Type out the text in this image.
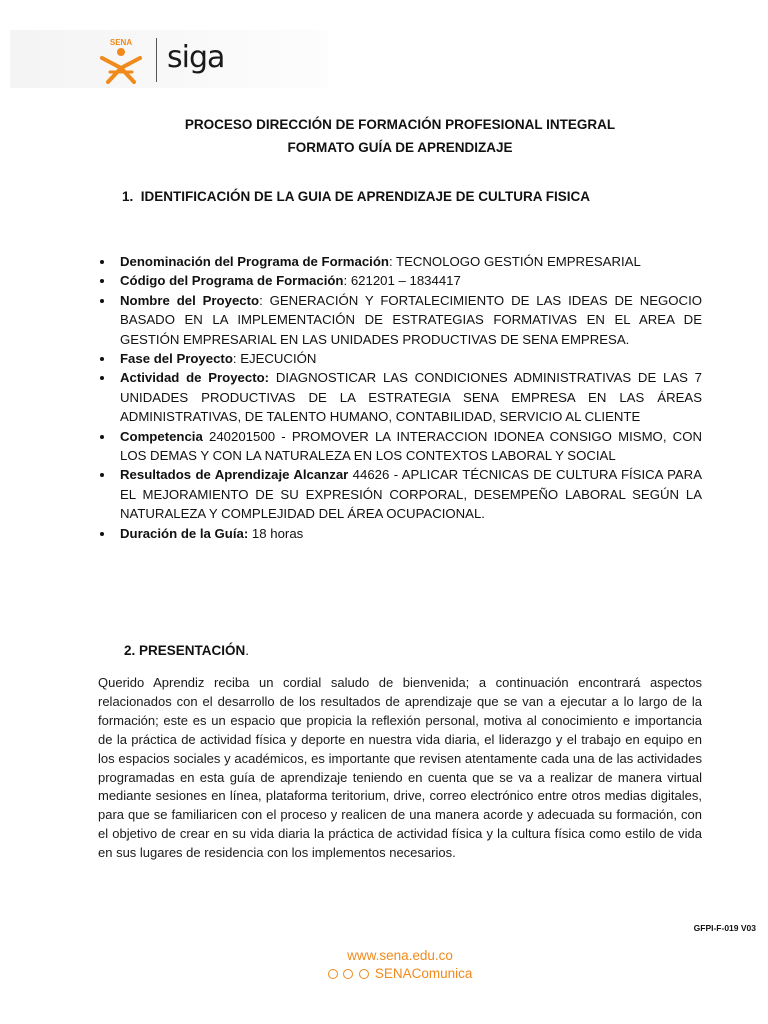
SENA siga
PROCESO DIRECCIÓN DE FORMACIÓN PROFESIONAL INTEGRAL
FORMATO GUÍA DE APRENDIZAJE
1. IDENTIFICACIÓN DE LA GUIA DE APRENDIZAJE DE CULTURA FISICA
Denominación del Programa de Formación: TECNOLOGO GESTIÓN EMPRESARIAL
Código del Programa de Formación: 621201 – 1834417
Nombre del Proyecto: GENERACIÓN Y FORTALECIMIENTO DE LAS IDEAS DE NEGOCIO BASADO EN LA IMPLEMENTACIÓN DE ESTRATEGIAS FORMATIVAS EN EL AREA DE GESTIÓN EMPRESARIAL EN LAS UNIDADES PRODUCTIVAS DE SENA EMPRESA.
Fase del Proyecto: EJECUCIÓN
Actividad de Proyecto: DIAGNOSTICAR LAS CONDICIONES ADMINISTRATIVAS DE LAS 7 UNIDADES PRODUCTIVAS DE LA ESTRATEGIA SENA EMPRESA EN LAS ÁREAS ADMINISTRATIVAS, DE TALENTO HUMANO, CONTABILIDAD, SERVICIO AL CLIENTE
Competencia 240201500 - PROMOVER LA INTERACCION IDONEA CONSIGO MISMO, CON LOS DEMAS Y CON LA NATURALEZA EN LOS CONTEXTOS LABORAL Y SOCIAL
Resultados de Aprendizaje Alcanzar 44626 - APLICAR TÉCNICAS DE CULTURA FÍSICA PARA EL MEJORAMIENTO DE SU EXPRESIÓN CORPORAL, DESEMPEÑO LABORAL SEGÚN LA NATURALEZA Y COMPLEJIDAD DEL ÁREA OCUPACIONAL.
Duración de la Guía: 18 horas
2. PRESENTACIÓN.

Querido Aprendiz reciba un cordial saludo de bienvenida; a continuación encontrará aspectos relacionados con el desarrollo de los resultados de aprendizaje que se van a ejecutar a lo largo de la formación; este es un espacio que propicia la reflexión personal, motiva al conocimiento e importancia de la práctica de actividad física y deporte en nuestra vida diaria, el liderazgo y el trabajo en equipo en los espacios sociales y académicos, es importante que revisen atentamente cada una de las actividades programadas en esta guía de aprendizaje teniendo en cuenta que se va a realizar de manera virtual mediante sesiones en línea, plataforma teritorium, drive, correo electrónico entre otros medias digitales, para que se familiaricen con el proceso y realicen de una manera acorde y adecuada su formación, con el objetivo de crear en su vida diaria la práctica de actividad física y la cultura física como estilo de vida en sus lugares de residencia con los implementos necesarios.

GFPI-F-019 V03
www.sena.edu.co
SENAComunica
